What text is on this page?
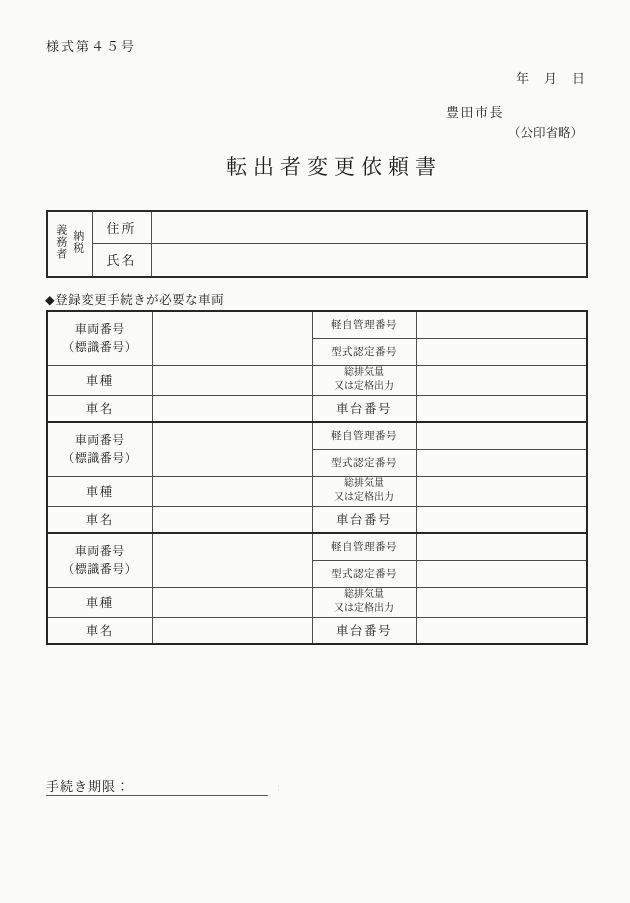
様式第４５号
年　月　日
豊田市長
（公印省略）
転出者変更依頼書
納税
義務者	住所	
	氏名	
◆登録変更手続きが必要な車両
車両番号
（標識番号）		軽自管理番号	
		型式認定番号	
車種		総排気量
又は定格出力	
車名		車台番号	
車両番号
（標識番号）		軽自管理番号	
		型式認定番号	
車種		総排気量
又は定格出力	
車名		車台番号	
車両番号
（標識番号）		軽自管理番号	
		型式認定番号	
車種		総排気量
又は定格出力	
車名		車台番号	
手続き期限：	：
